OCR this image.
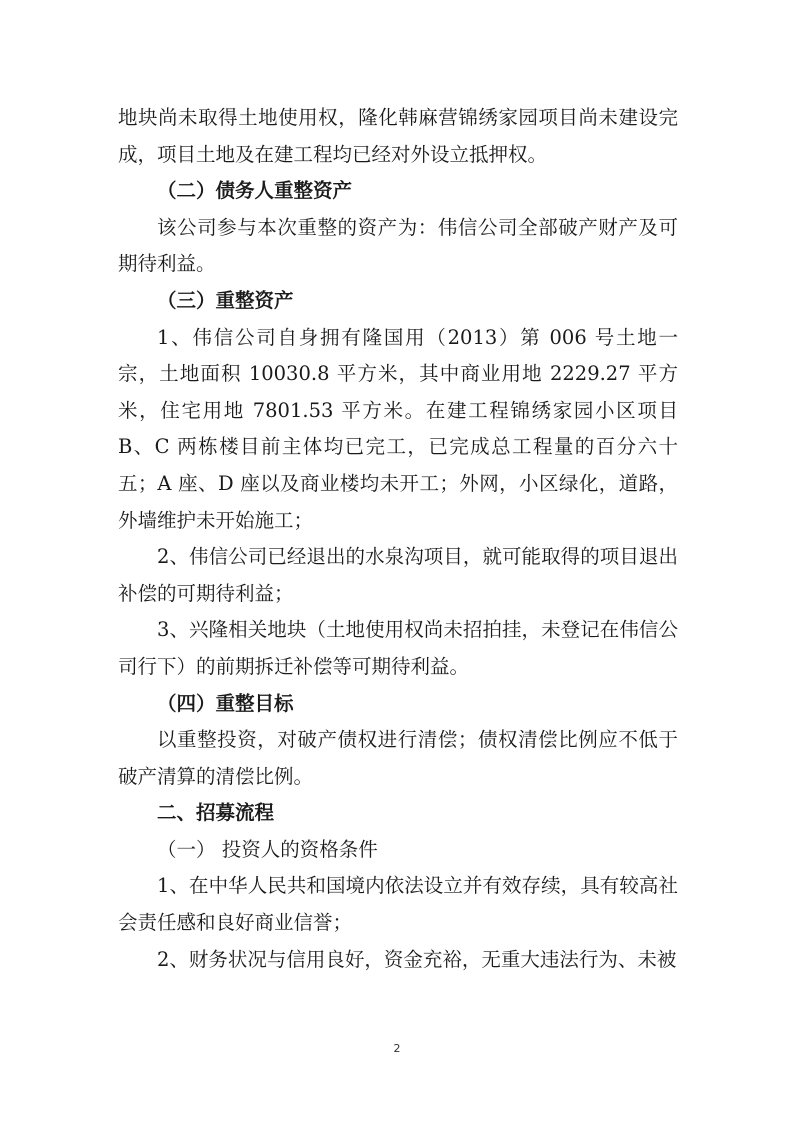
地块尚未取得土地使用权，隆化韩麻营锦绣家园项目尚未建设完成，项目土地及在建工程均已经对外设立抵押权。

（二）债务人重整资产

该公司参与本次重整的资产为：伟信公司全部破产财产及可期待利益。

（三）重整资产

1、伟信公司自身拥有隆国用（2013）第 006 号土地一宗，土地面积 10030.8 平方米，其中商业用地 2229.27 平方米，住宅用地 7801.53 平方米。在建工程锦绣家园小区项目 B、C 两栋楼目前主体均已完工，已完成总工程量的百分六十五；A 座、D 座以及商业楼均未开工；外网，小区绿化，道路，外墙维护未开始施工；

2、伟信公司已经退出的水泉沟项目，就可能取得的项目退出补偿的可期待利益；

3、兴隆相关地块（土地使用权尚未招拍挂，未登记在伟信公司行下）的前期拆迁补偿等可期待利益。

（四）重整目标

以重整投资，对破产债权进行清偿；债权清偿比例应不低于破产清算的清偿比例。

二、招募流程

（一） 投资人的资格条件

1、在中华人民共和国境内依法设立并有效存续，具有较高社会责任感和良好商业信誉；

2、财务状况与信用良好，资金充裕，无重大违法行为、未被

2
